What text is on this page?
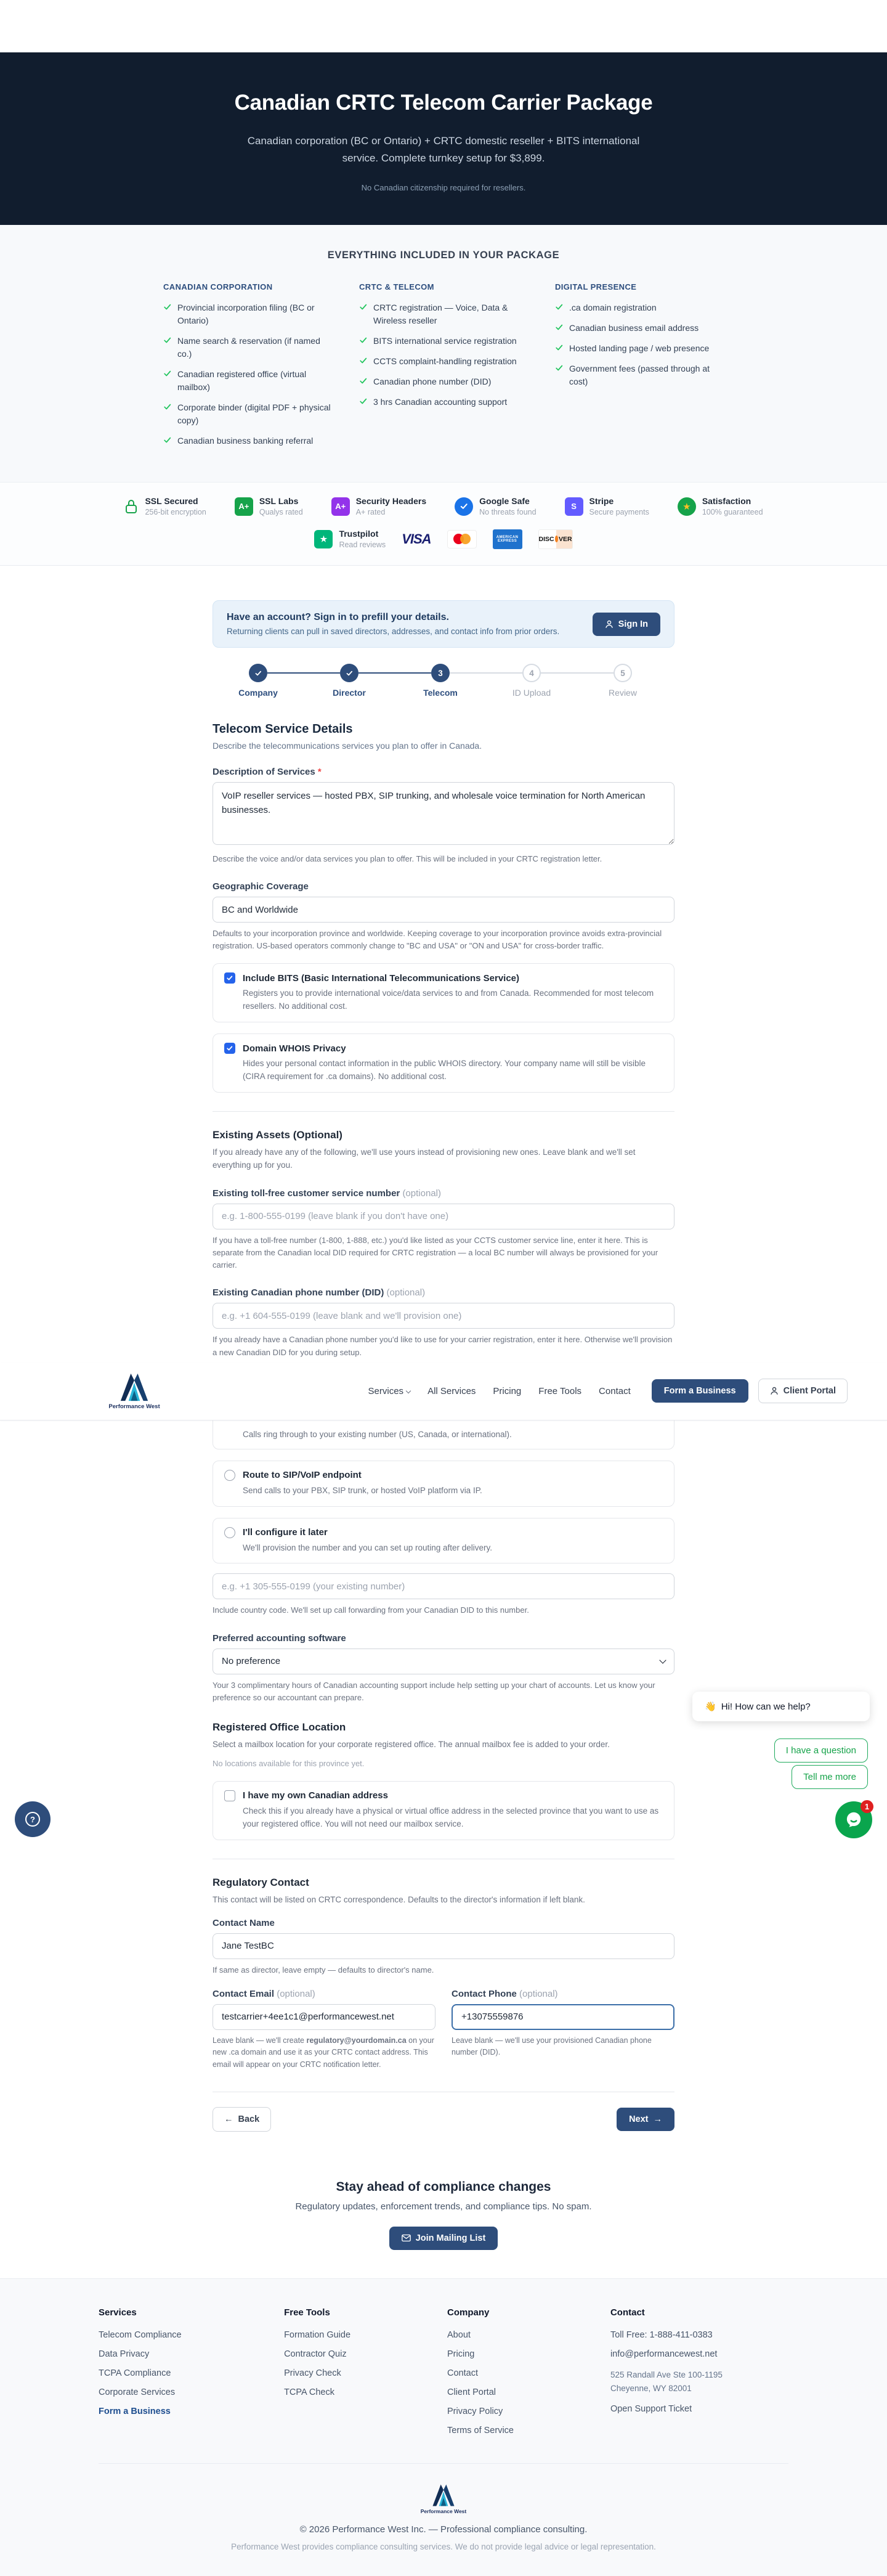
Canadian CRTC Telecom Carrier Package
Canadian corporation (BC or Ontario) + CRTC domestic reseller + BITS international service. Complete turnkey setup for $3,899.
No Canadian citizenship required for resellers.
EVERYTHING INCLUDED IN YOUR PACKAGE
CANADIAN CORPORATION
Provincial incorporation filing (BC or Ontario)
Name search & reservation (if named co.)
Canadian registered office (virtual mailbox)
Corporate binder (digital PDF + physical copy)
Canadian business banking referral
CRTC & TELECOM
CRTC registration — Voice, Data & Wireless reseller
BITS international service registration
CCTS complaint-handling registration
Canadian phone number (DID)
3 hrs Canadian accounting support
DIGITAL PRESENCE
.ca domain registration
Canadian business email address
Hosted landing page / web presence
Government fees (passed through at cost)
SSL Secured
256-bit encryption
A+
SSL Labs
Qualys rated
A+
Security Headers
A+ rated
Google Safe
No threats found
S
Stripe
Secure payments
★
Satisfaction
100% guaranteed
★	Trustpilot
Read reviews VISA	AMERICAN
EXPRESS	DISC VER
Have an account? Sign in to prefill your details.
Returning clients can pull in saved directors, addresses, and contact info from prior orders.
Sign In
Company	Director
3
Telecom
4
ID Upload
5
Review
Telecom Service Details
Describe the telecommunications services you plan to offer in Canada.
Description of Services *
VoIP reseller services — hosted PBX, SIP trunking, and wholesale voice termination for North American businesses.
Describe the voice and/or data services you plan to offer. This will be included in your CRTC registration letter.
Geographic Coverage
BC and Worldwide
Defaults to your incorporation province and worldwide. Keeping coverage to your incorporation province avoids extra-provincial registration. US-based operators commonly change to "BC and USA" or "ON and USA" for cross-border traffic.
Include BITS (Basic International Telecommunications Service)
Registers you to provide international voice/data services to and from Canada. Recommended for most telecom resellers. No additional cost.
Domain WHOIS Privacy
Hides your personal contact information in the public WHOIS directory. Your company name will still be visible (CIRA requirement for .ca domains). No additional cost.
Existing Assets (Optional)
If you already have any of the following, we'll use yours instead of provisioning new ones. Leave blank and we'll set everything up for you.
Existing toll-free customer service number (optional)
e.g. 1-800-555-0199 (leave blank if you don't have one)
If you have a toll-free number (1-800, 1-888, etc.) you'd like listed as your CCTS customer service line, enter it here. This is separate from the Canadian local DID required for CRTC registration — a local BC number will always be provisioned for your carrier.
Existing Canadian phone number (DID) (optional)
e.g. +1 604-555-0199 (leave blank and we'll provision one)
If you already have a Canadian phone number you'd like to use for your carrier registration, enter it here. Otherwise we'll provision a new Canadian DID for you during setup.
Performance West
Services	All Services Pricing Free Tools Contact	Form a Business	Client Portal
Calls ring through to your existing number (US, Canada, or international).
Route to SIP/VoIP endpoint
Send calls to your PBX, SIP trunk, or hosted VoIP platform via IP.
I'll configure it later
We'll provision the number and you can set up routing after delivery.
e.g. +1 305-555-0199 (your existing number)
Include country code. We'll set up call forwarding from your Canadian DID to this number.
Preferred accounting software
No preference
Your 3 complimentary hours of Canadian accounting support include help setting up your chart of accounts. Let us know your preference so our accountant can prepare.
Registered Office Location
Select a mailbox location for your corporate registered office. The annual mailbox fee is added to your order.
No locations available for this province yet.
I have my own Canadian address
Check this if you already have a physical or virtual office address in the selected province that you want to use as your registered office. You will not need our mailbox service.
Regulatory Contact
This contact will be listed on CRTC correspondence. Defaults to the director's information if left blank.
Contact Name
Jane TestBC
If same as director, leave empty — defaults to director's name.
Contact Email (optional)
testcarrier+4ee1c1@performancewest.net
Leave blank — we'll create regulatory@yourdomain.ca on your new .ca domain and use it as your CRTC contact address. This email will appear on your CRTC notification letter.
Contact Phone (optional)
+13075559876
Leave blank — we'll use your provisioned Canadian phone number (DID).
← Back	Next →
Stay ahead of compliance changes

Regulatory updates, enforcement trends, and compliance tips. No spam.

Join Mailing List
Services
Telecom Compliance
Data Privacy
TCPA Compliance
Corporate Services
Form a Business
Free Tools
Formation Guide
Contractor Quiz
Privacy Check
TCPA Check
Company
About
Pricing
Contact
Client Portal
Privacy Policy
Terms of Service
Contact
Toll Free: 1-888-411-0383
info@performancewest.net
525 Randall Ave Ste 100-1195
Cheyenne, WY 82001
Open Support Ticket
Performance West
© 2026 Performance West Inc. — Professional compliance consulting.
Performance West provides compliance consulting services. We do not provide legal advice or legal representation.
👋 Hi! How can we help?
I have a question
Tell me more
1
?
